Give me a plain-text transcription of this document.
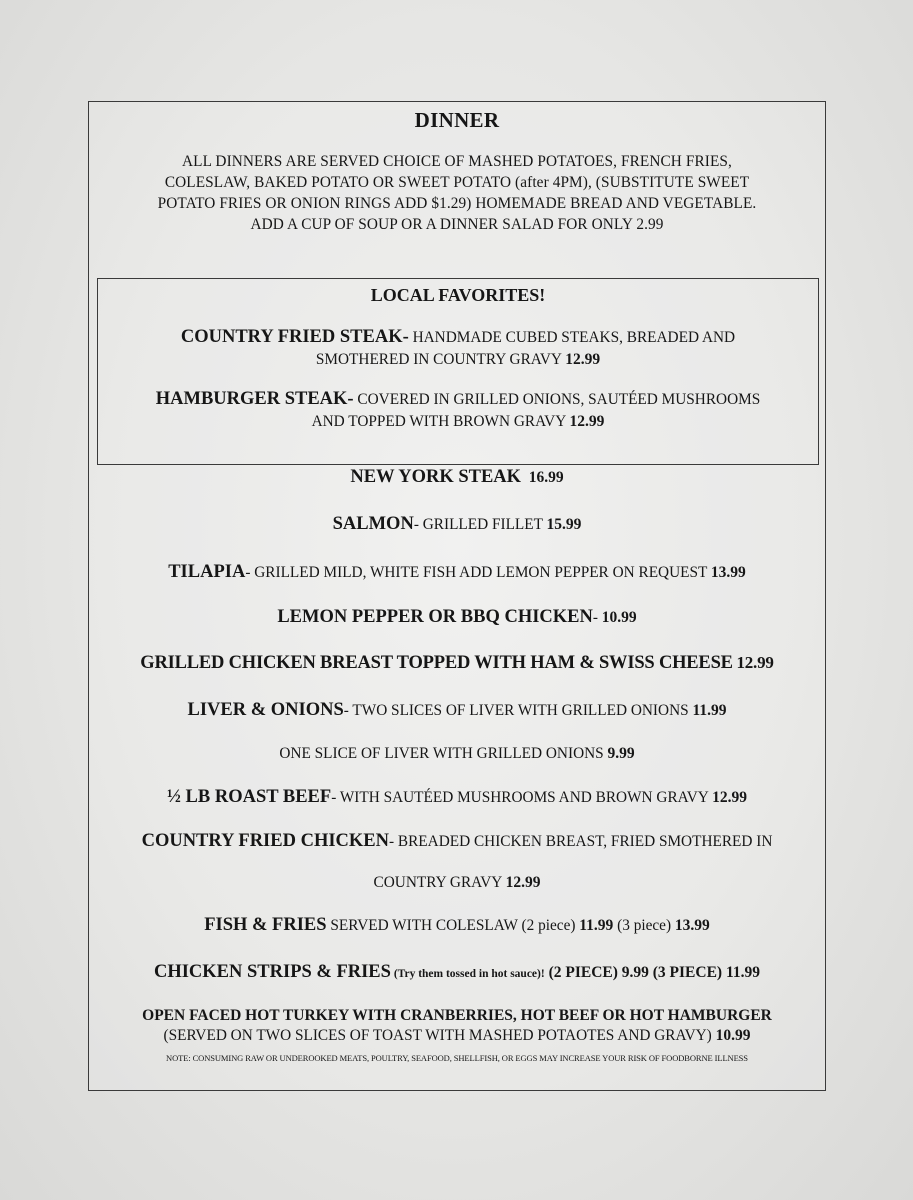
DINNER
ALL DINNERS ARE SERVED CHOICE OF MASHED POTATOES, FRENCH FRIES,
COLESLAW, BAKED POTATO OR SWEET POTATO (after 4PM), (SUBSTITUTE SWEET
POTATO FRIES OR ONION RINGS ADD $1.29) HOMEMADE BREAD AND VEGETABLE.
ADD A CUP OF SOUP OR A DINNER SALAD FOR ONLY 2.99
LOCAL FAVORITES!
COUNTRY FRIED STEAK- HANDMADE CUBED STEAKS, BREADED AND
SMOTHERED IN COUNTRY GRAVY 12.99
HAMBURGER STEAK- COVERED IN GRILLED ONIONS, SAUTÉED MUSHROOMS
AND TOPPED WITH BROWN GRAVY 12.99
NEW YORK STEAK 16.99
SALMON- GRILLED FILLET 15.99
TILAPIA- GRILLED MILD, WHITE FISH ADD LEMON PEPPER ON REQUEST 13.99
LEMON PEPPER OR BBQ CHICKEN- 10.99
GRILLED CHICKEN BREAST TOPPED WITH HAM & SWISS CHEESE 12.99
LIVER & ONIONS- TWO SLICES OF LIVER WITH GRILLED ONIONS 11.99
ONE SLICE OF LIVER WITH GRILLED ONIONS 9.99
½ LB ROAST BEEF- WITH SAUTÉED MUSHROOMS AND BROWN GRAVY 12.99
COUNTRY FRIED CHICKEN- BREADED CHICKEN BREAST, FRIED SMOTHERED IN
COUNTRY GRAVY 12.99
FISH & FRIES SERVED WITH COLESLAW (2 piece) 11.99 (3 piece) 13.99
CHICKEN STRIPS & FRIES (Try them tossed in hot sauce)! (2 PIECE) 9.99 (3 PIECE) 11.99
OPEN FACED HOT TURKEY WITH CRANBERRIES, HOT BEEF OR HOT HAMBURGER
(SERVED ON TWO SLICES OF TOAST WITH MASHED POTAOTES AND GRAVY) 10.99
NOTE: CONSUMING RAW OR UNDEROOKED MEATS, POULTRY, SEAFOOD, SHELLFISH, OR EGGS MAY INCREASE YOUR RISK OF FOODBORNE ILLNESS
